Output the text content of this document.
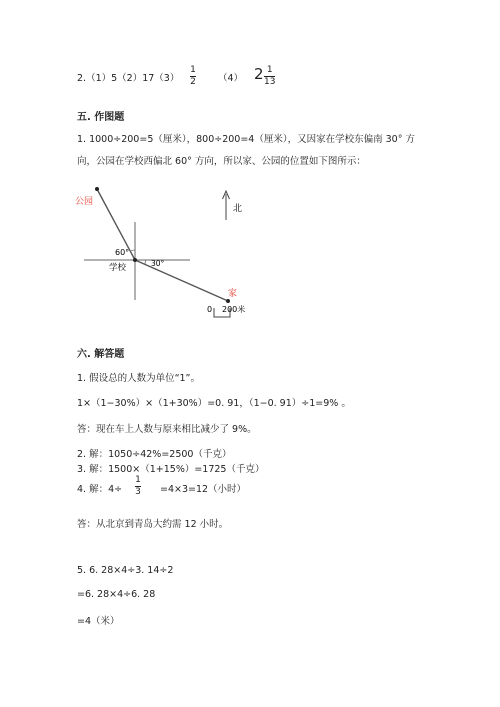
2.（1）5（2）17（3）
1
2 （4） 2 1
13
五. 作图题
1. 1000÷200=5（厘米），800÷200=4（厘米），又因家在学校东偏南 30° 方
向，公园在学校西偏北 60° 方向，所以家、公园的位置如下图所示：
公园
学校
家
60°
30°
北
0 200米
六. 解答题
1. 假设总的人数为单位“1”。
1×（1−30%）×（1+30%）=0. 91，（1−0. 91）÷1=9% 。
答：现在车上人数与原来相比减少了 9%。
2. 解：1050÷42%=2500（千克）
3. 解：1500×（1+15%）=1725（千克）
4. 解：4÷
1
3 =4×3=12（小时）
答：从北京到青岛大约需 12 小时。
5. 6. 28×4÷3. 14÷2
=6. 28×4÷6. 28
=4（米）
